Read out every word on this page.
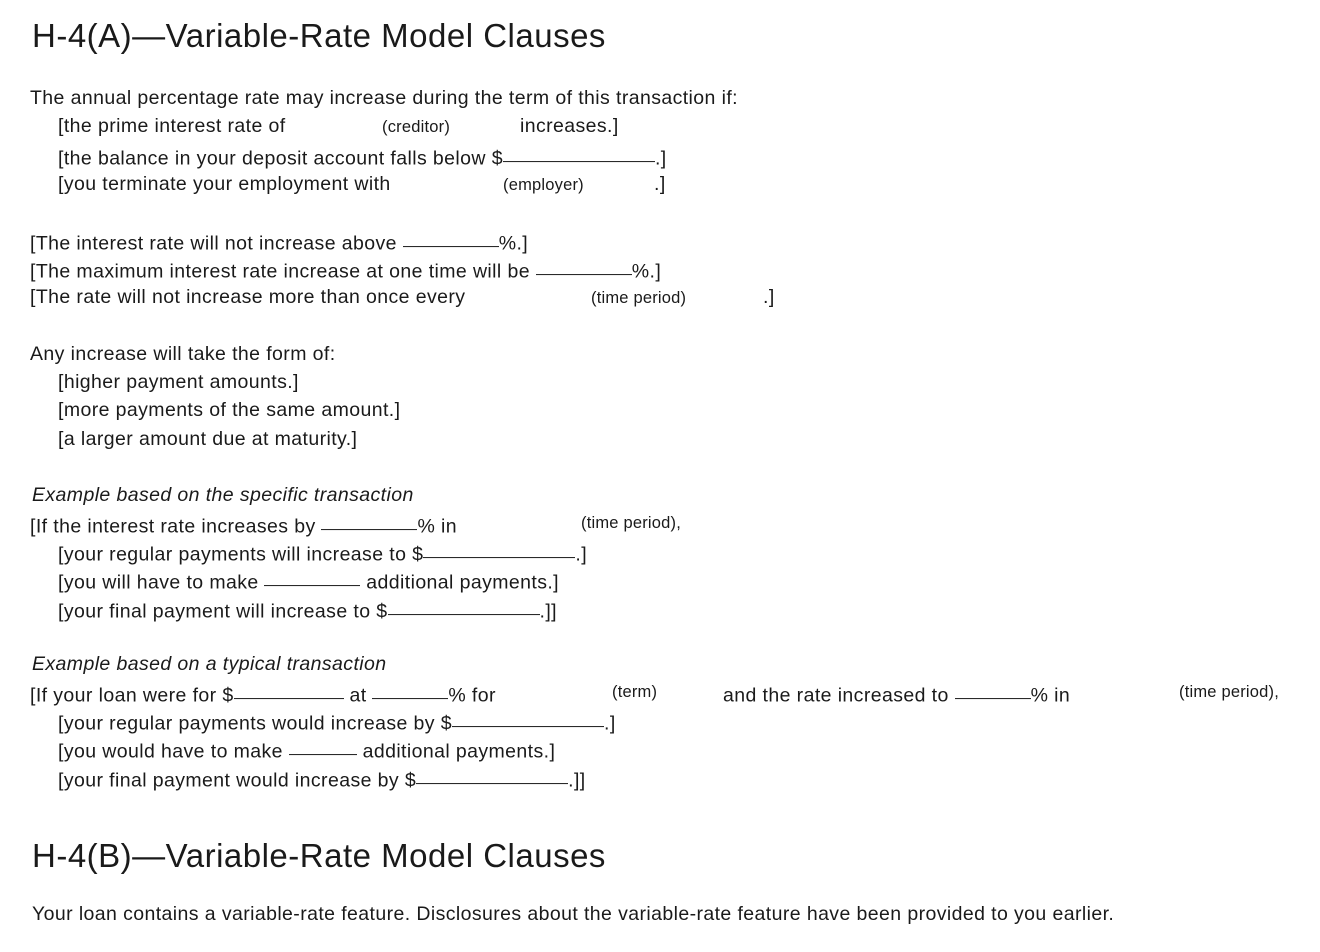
H-4(A)—Variable-Rate Model Clauses
The annual percentage rate may increase during the term of this transaction if:
[the prime interest rate of	(creditor)	increases.]
[the balance in your deposit account falls below $	.]
[you terminate your employment with	(employer)	.]
[The interest rate will not increase above	%.]
[The maximum interest rate increase at one time will be	%.]
[The rate will not increase more than once every	(time period)	.]
Any increase will take the form of:
[higher payment amounts.]
[more payments of the same amount.]
[a larger amount due at maturity.]
Example based on the specific transaction
[If the interest rate increases by	% in	(time period),
[your regular payments will increase to $	.]
[you will have to make	additional payments.]
[your final payment will increase to $	.]]
Example based on a typical transaction
[If your loan were for $	at	% for	(term)	and the rate increased to	% in	(time period),
[your regular payments would increase by $	.]
[you would have to make	additional payments.]
[your final payment would increase by $	.]]
H-4(B)—Variable-Rate Model Clauses
Your loan contains a variable-rate feature. Disclosures about the variable-rate feature have been provided to you earlier.
